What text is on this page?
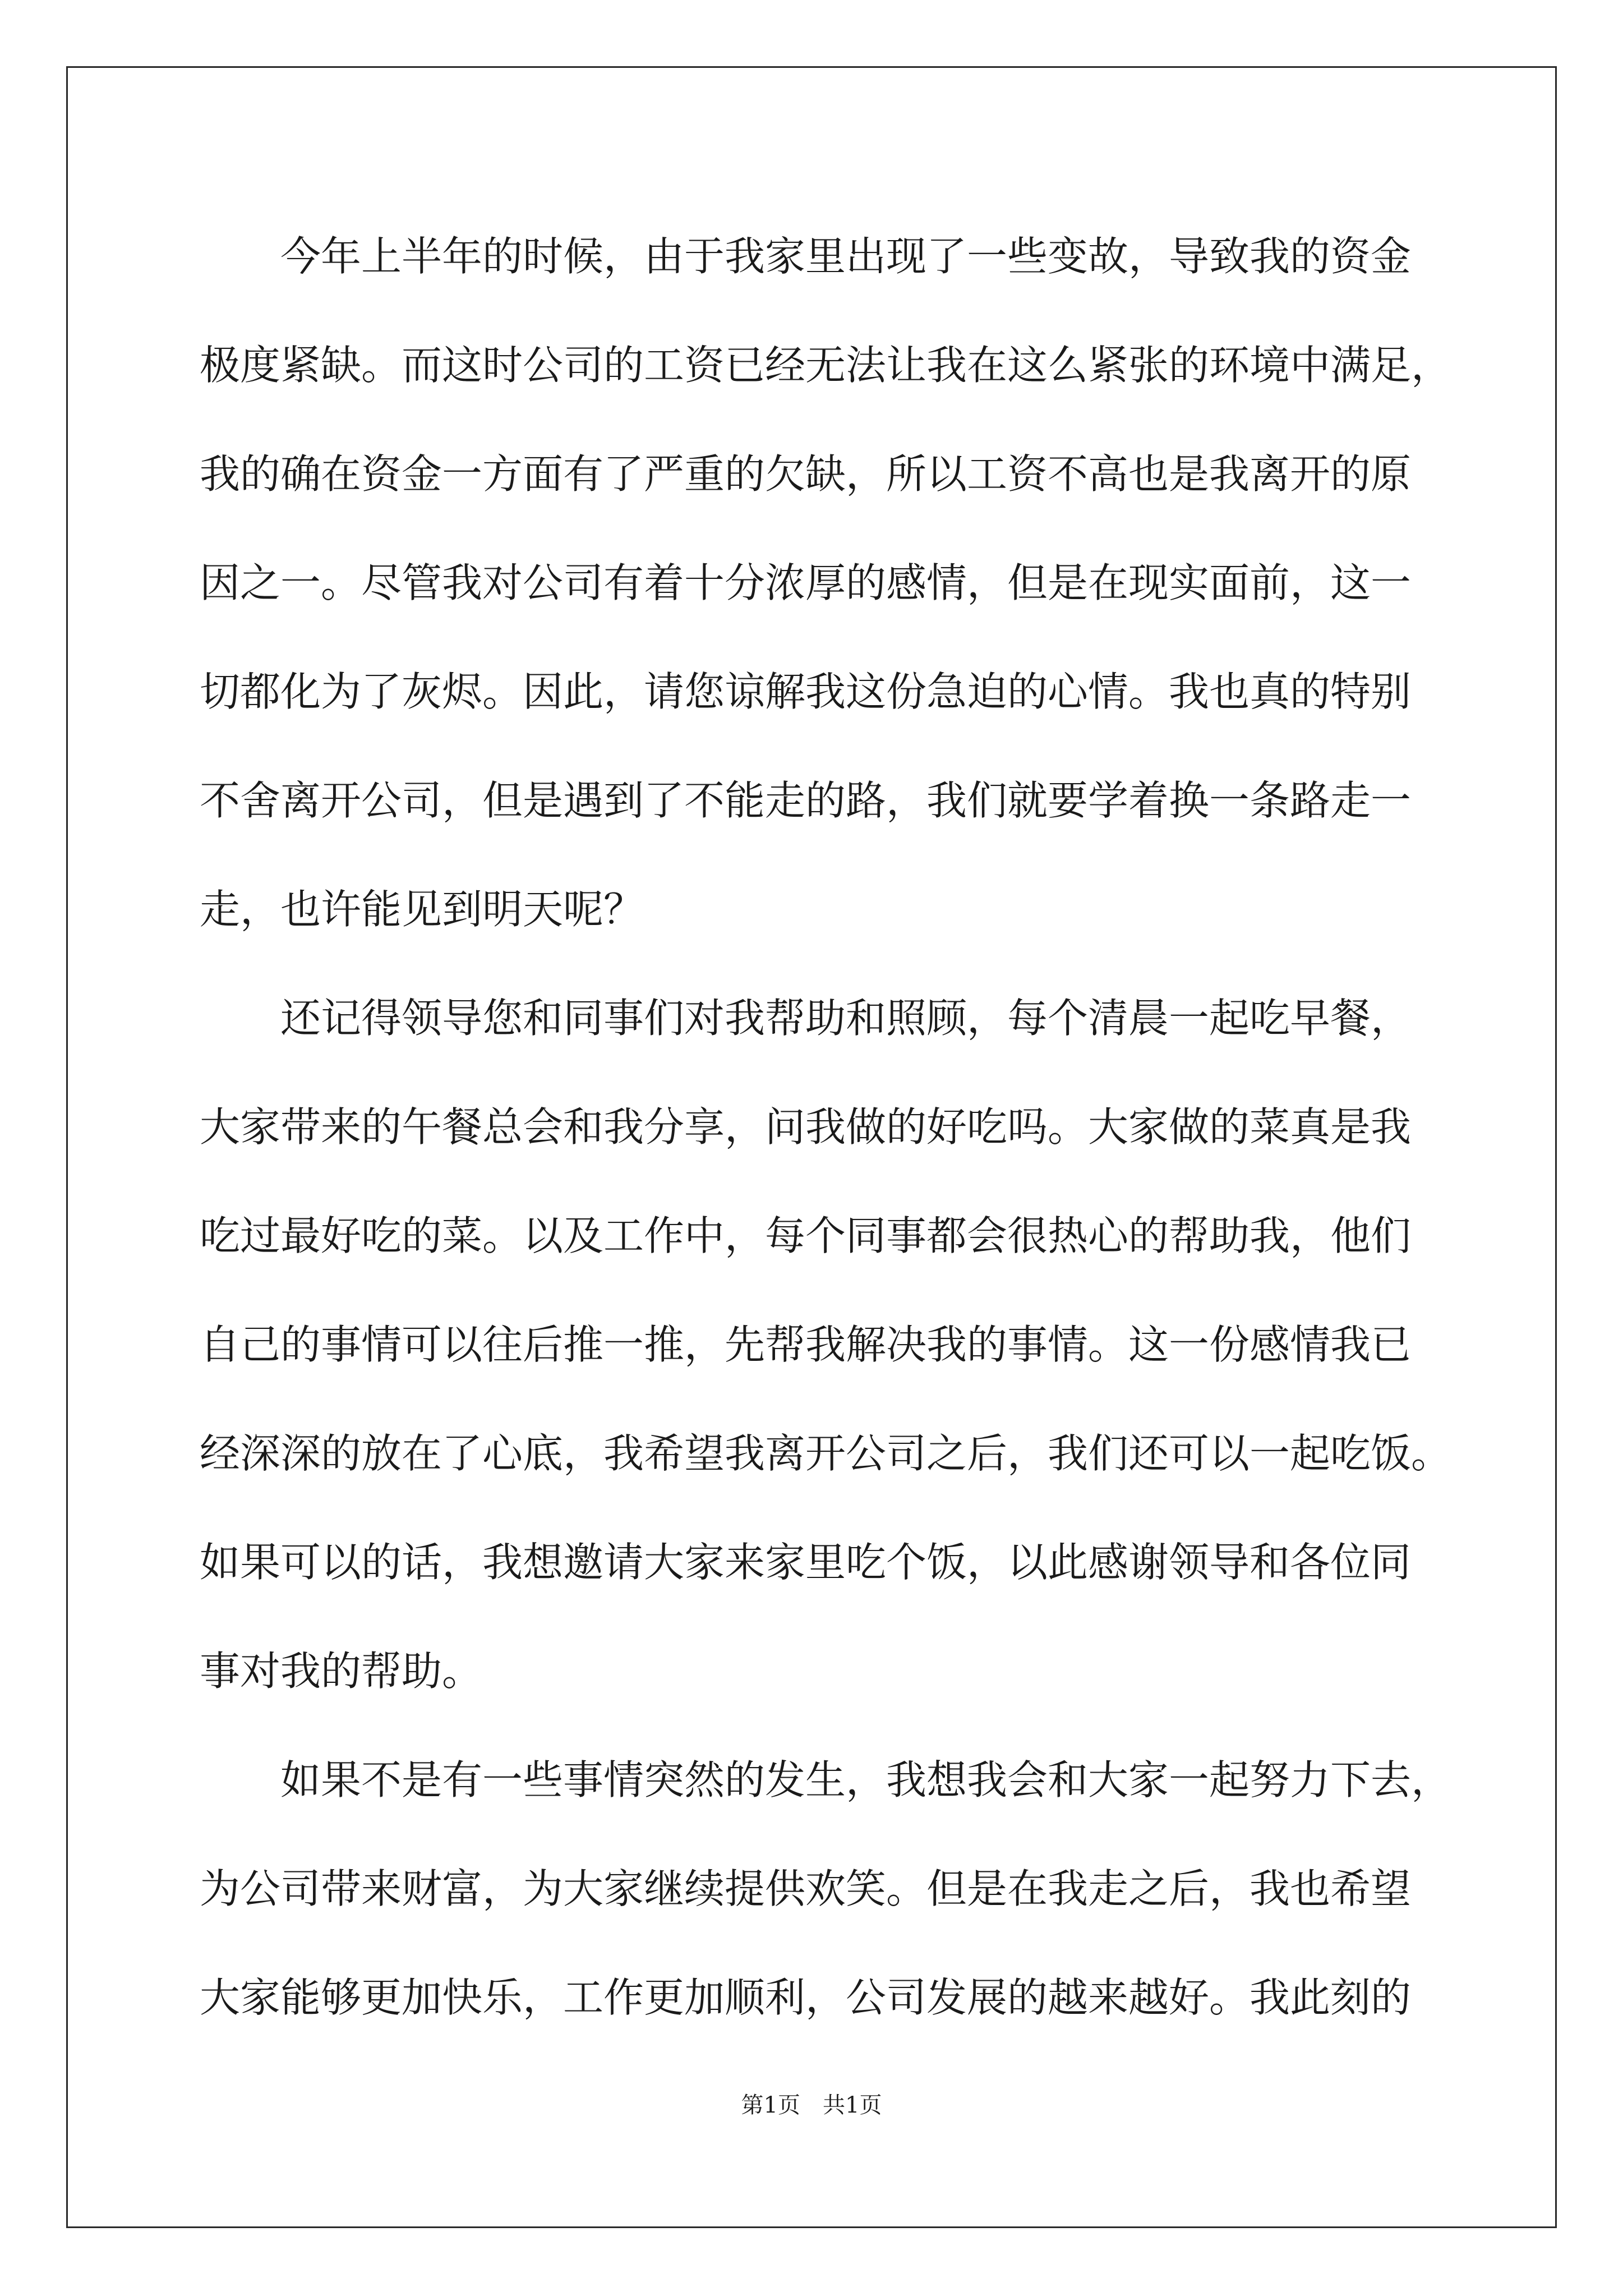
　　今年上半年的时候，由于我家里出现了一些变故，导致我的资金
极度紧缺。而这时公司的工资已经无法让我在这么紧张的环境中满足，
我的确在资金一方面有了严重的欠缺，所以工资不高也是我离开的原
因之一。尽管我对公司有着十分浓厚的感情，但是在现实面前，这一
切都化为了灰烬。因此，请您谅解我这份急迫的心情。我也真的特别
不舍离开公司，但是遇到了不能走的路，我们就要学着换一条路走一
走，也许能见到明天呢？
　　还记得领导您和同事们对我帮助和照顾，每个清晨一起吃早餐，
大家带来的午餐总会和我分享，问我做的好吃吗。大家做的菜真是我
吃过最好吃的菜。以及工作中，每个同事都会很热心的帮助我，他们
自己的事情可以往后推一推，先帮我解决我的事情。这一份感情我已
经深深的放在了心底，我希望我离开公司之后，我们还可以一起吃饭。
如果可以的话，我想邀请大家来家里吃个饭，以此感谢领导和各位同
事对我的帮助。
　　如果不是有一些事情突然的发生，我想我会和大家一起努力下去，
为公司带来财富，为大家继续提供欢笑。但是在我走之后，我也希望
大家能够更加快乐，工作更加顺利，公司发展的越来越好。我此刻的
第1页　共1页
